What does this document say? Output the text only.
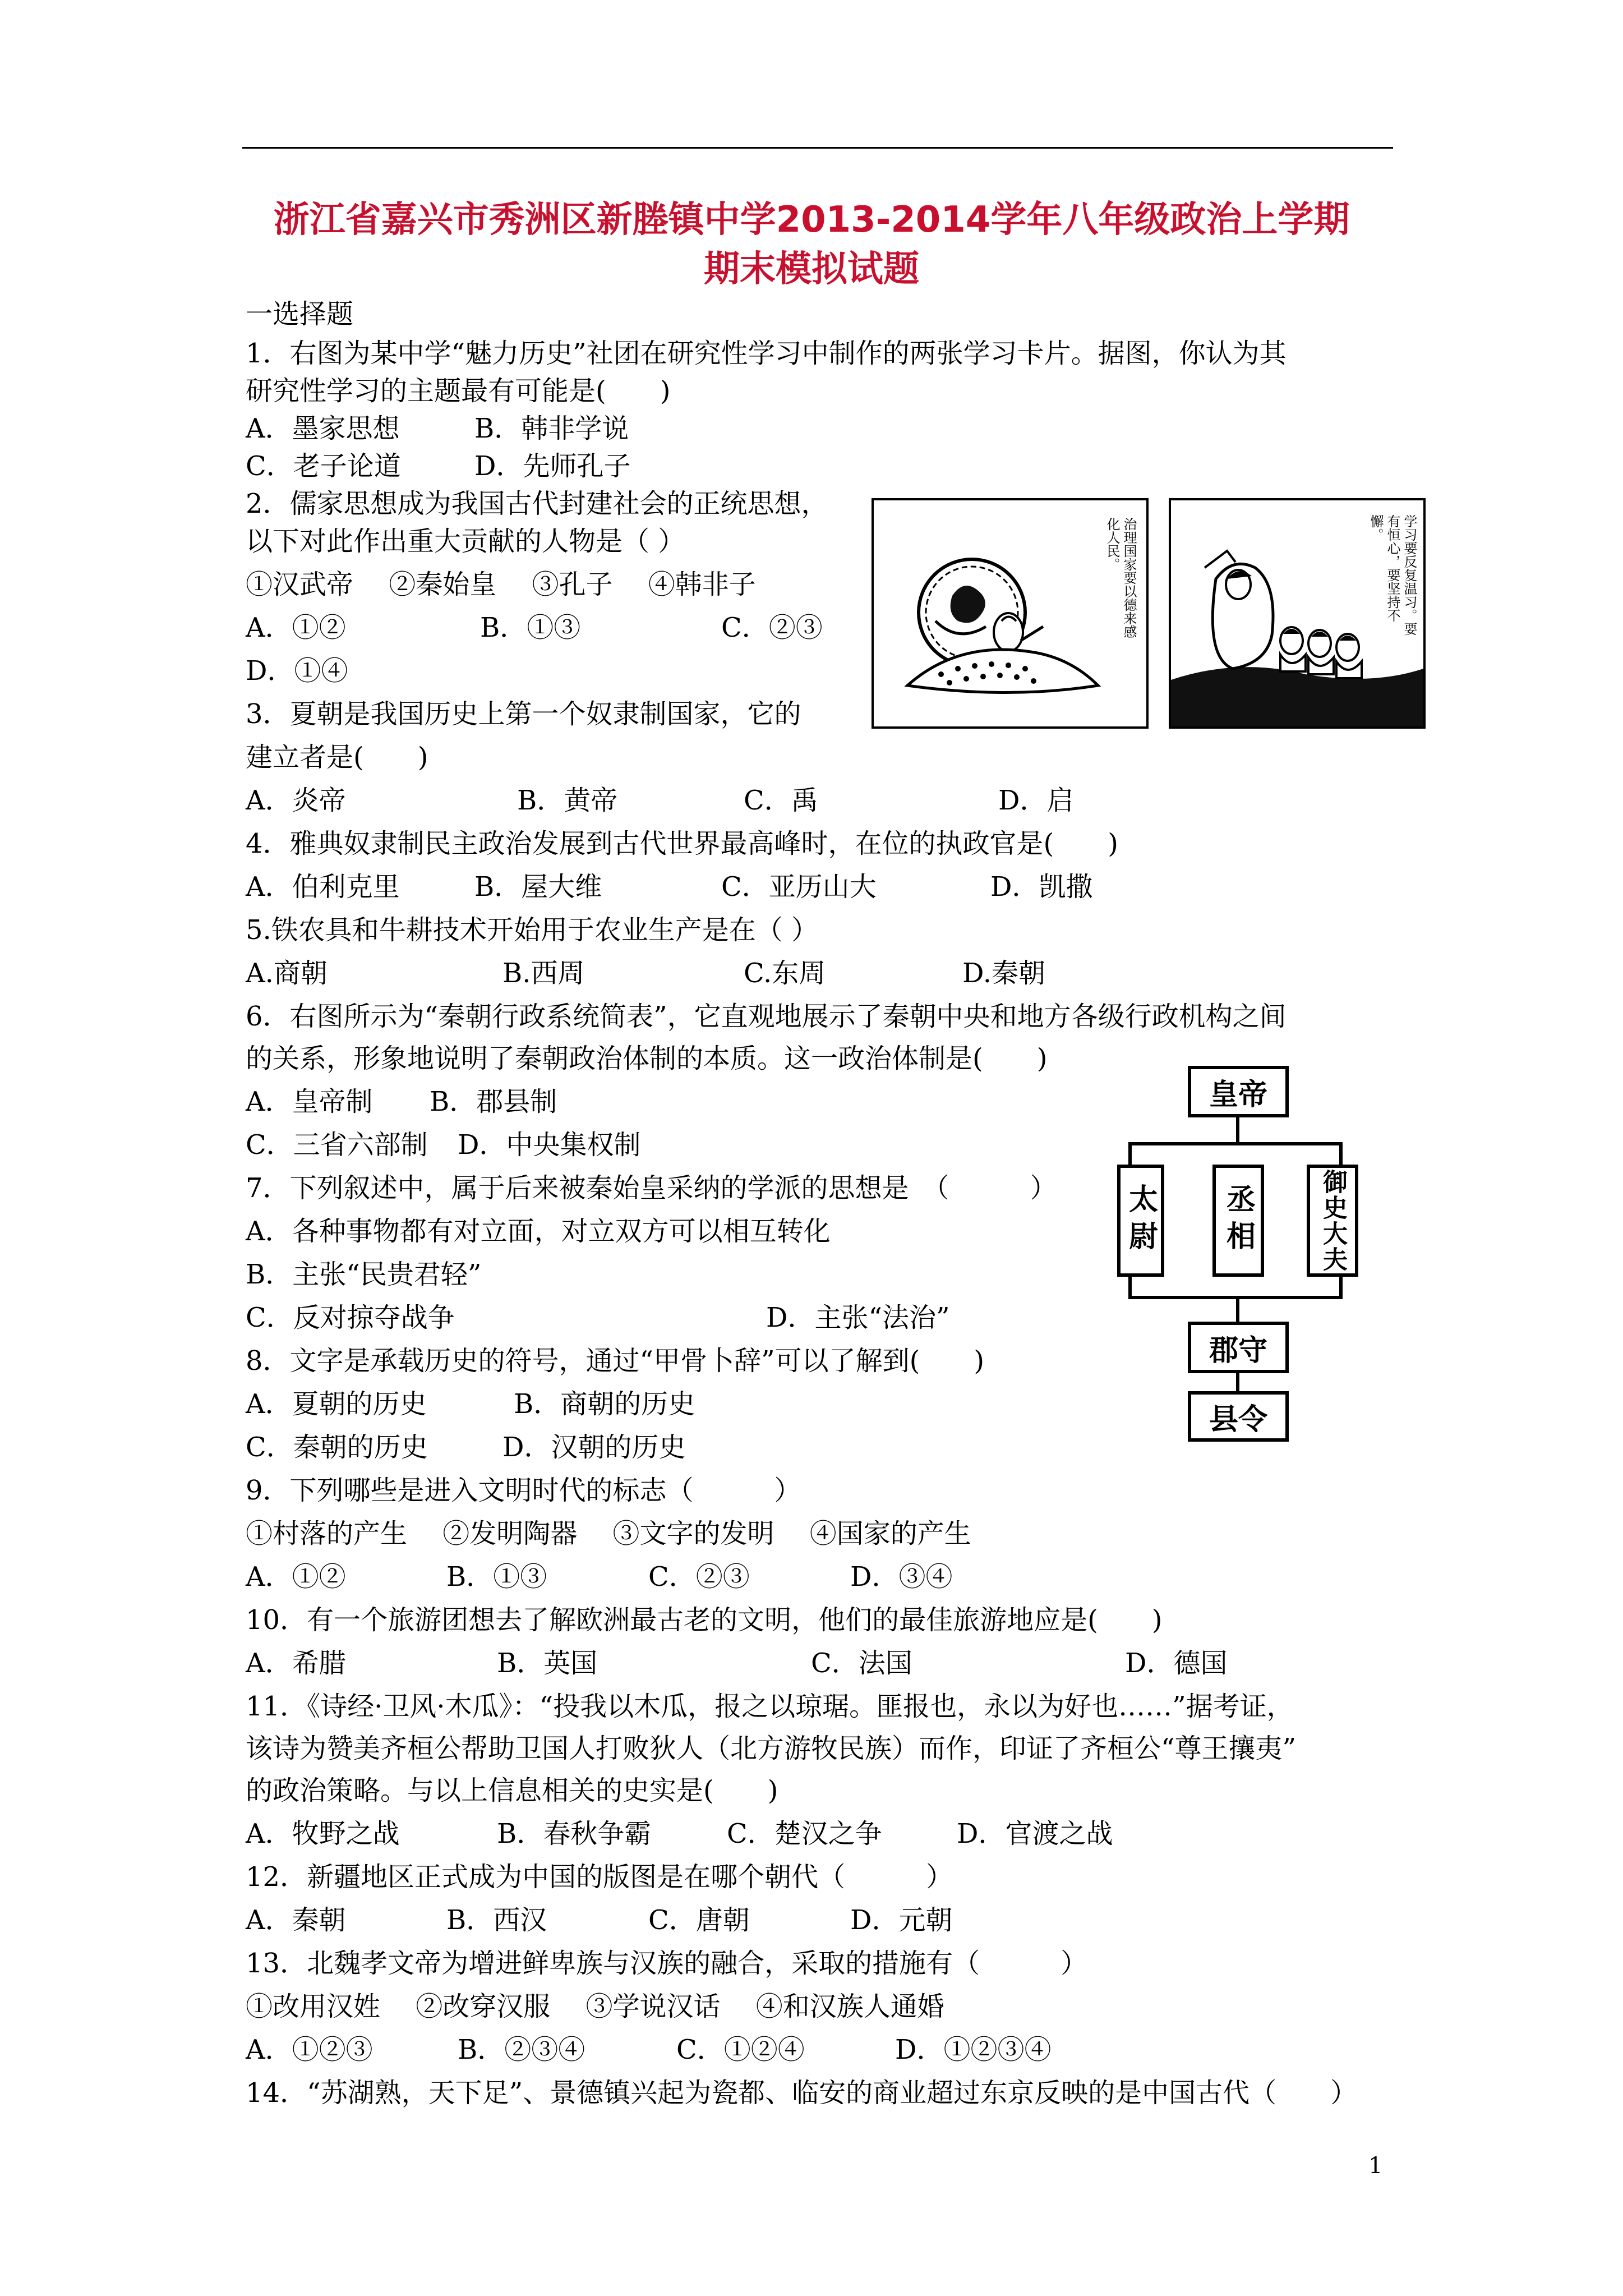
浙江省嘉兴市秀洲区新塍镇中学2013-2014学年八年级政治上学期
期末模拟试题
一选择题
1．右图为某中学“魅力历史”社团在研究性学习中制作的两张学习卡片。据图，你认为其
研究性学习的主题最有可能是(　　)
A．墨家思想	B．韩非学说
C．老子论道	D．先师孔子
2．儒家思想成为我国古代封建社会的正统思想，
以下对此作出重大贡献的人物是（ ）
①汉武帝　 ②秦始皇　 ③孔子　 ④韩非子
A．①②	B．①③	C．②③
D．①④
3．夏朝是我国历史上第一个奴隶制国家，它的
建立者是(　　)
A．炎帝	B．黄帝	C．禹	D．启
4．雅典奴隶制民主政治发展到古代世界最高峰时，在位的执政官是(　　)
A．伯利克里	B．屋大维	C．亚历山大	D．凯撒
5.铁农具和牛耕技术开始用于农业生产是在（ ）
A.商朝	B.西周	C.东周	D.秦朝
6．右图所示为“秦朝行政系统简表”，它直观地展示了秦朝中央和地方各级行政机构之间
的关系，形象地说明了秦朝政治体制的本质。这一政治体制是(　　)
A．皇帝制 B．郡县制
C．三省六部制 D．中央集权制
7．下列叙述中，属于后来被秦始皇采纳的学派的思想是　（　　　）
A．各种事物都有对立面，对立双方可以相互转化
B．主张“民贵君轻”
C．反对掠夺战争	D．主张“法治”
8．文字是承载历史的符号，通过“甲骨卜辞”可以了解到(　　)
A．夏朝的历史	B．商朝的历史
C．秦朝的历史	D．汉朝的历史
9．下列哪些是进入文明时代的标志（　　　）
①村落的产生　 ②发明陶器　 ③文字的发明　 ④国家的产生
A．①②	B．①③	C．②③	D．③④
10．有一个旅游团想去了解欧洲最古老的文明，他们的最佳旅游地应是(　　)
A．希腊	B．英国	C．法国	D．德国
11．《诗经·卫风·木瓜》：“投我以木瓜，报之以琼琚。匪报也，永以为好也……”据考证，
该诗为赞美齐桓公帮助卫国人打败狄人（北方游牧民族）而作，印证了齐桓公“尊王攘夷”
的政治策略。与以上信息相关的史实是(　　)
A．牧野之战	B．春秋争霸	C．楚汉之争	D．官渡之战
12．新疆地区正式成为中国的版图是在哪个朝代（　　　）
A．秦朝	B．西汉	C．唐朝	D．元朝
13．北魏孝文帝为增进鲜卑族与汉族的融合，采取的措施有（　　　）
①改用汉姓　 ②改穿汉服　 ③学说汉话　 ④和汉族人通婚
A．①②③	B．②③④	C．①②④	D．①②③④
14．“苏湖熟，天下足”、景德镇兴起为瓷都、临安的商业超过东京反映的是中国古代（　　）
治理国家要以德来感化人民。	学习要反复温习。要有恒心，要坚持不懈。
皇帝
太尉 丞相	御史大夫
郡守
县令
1
